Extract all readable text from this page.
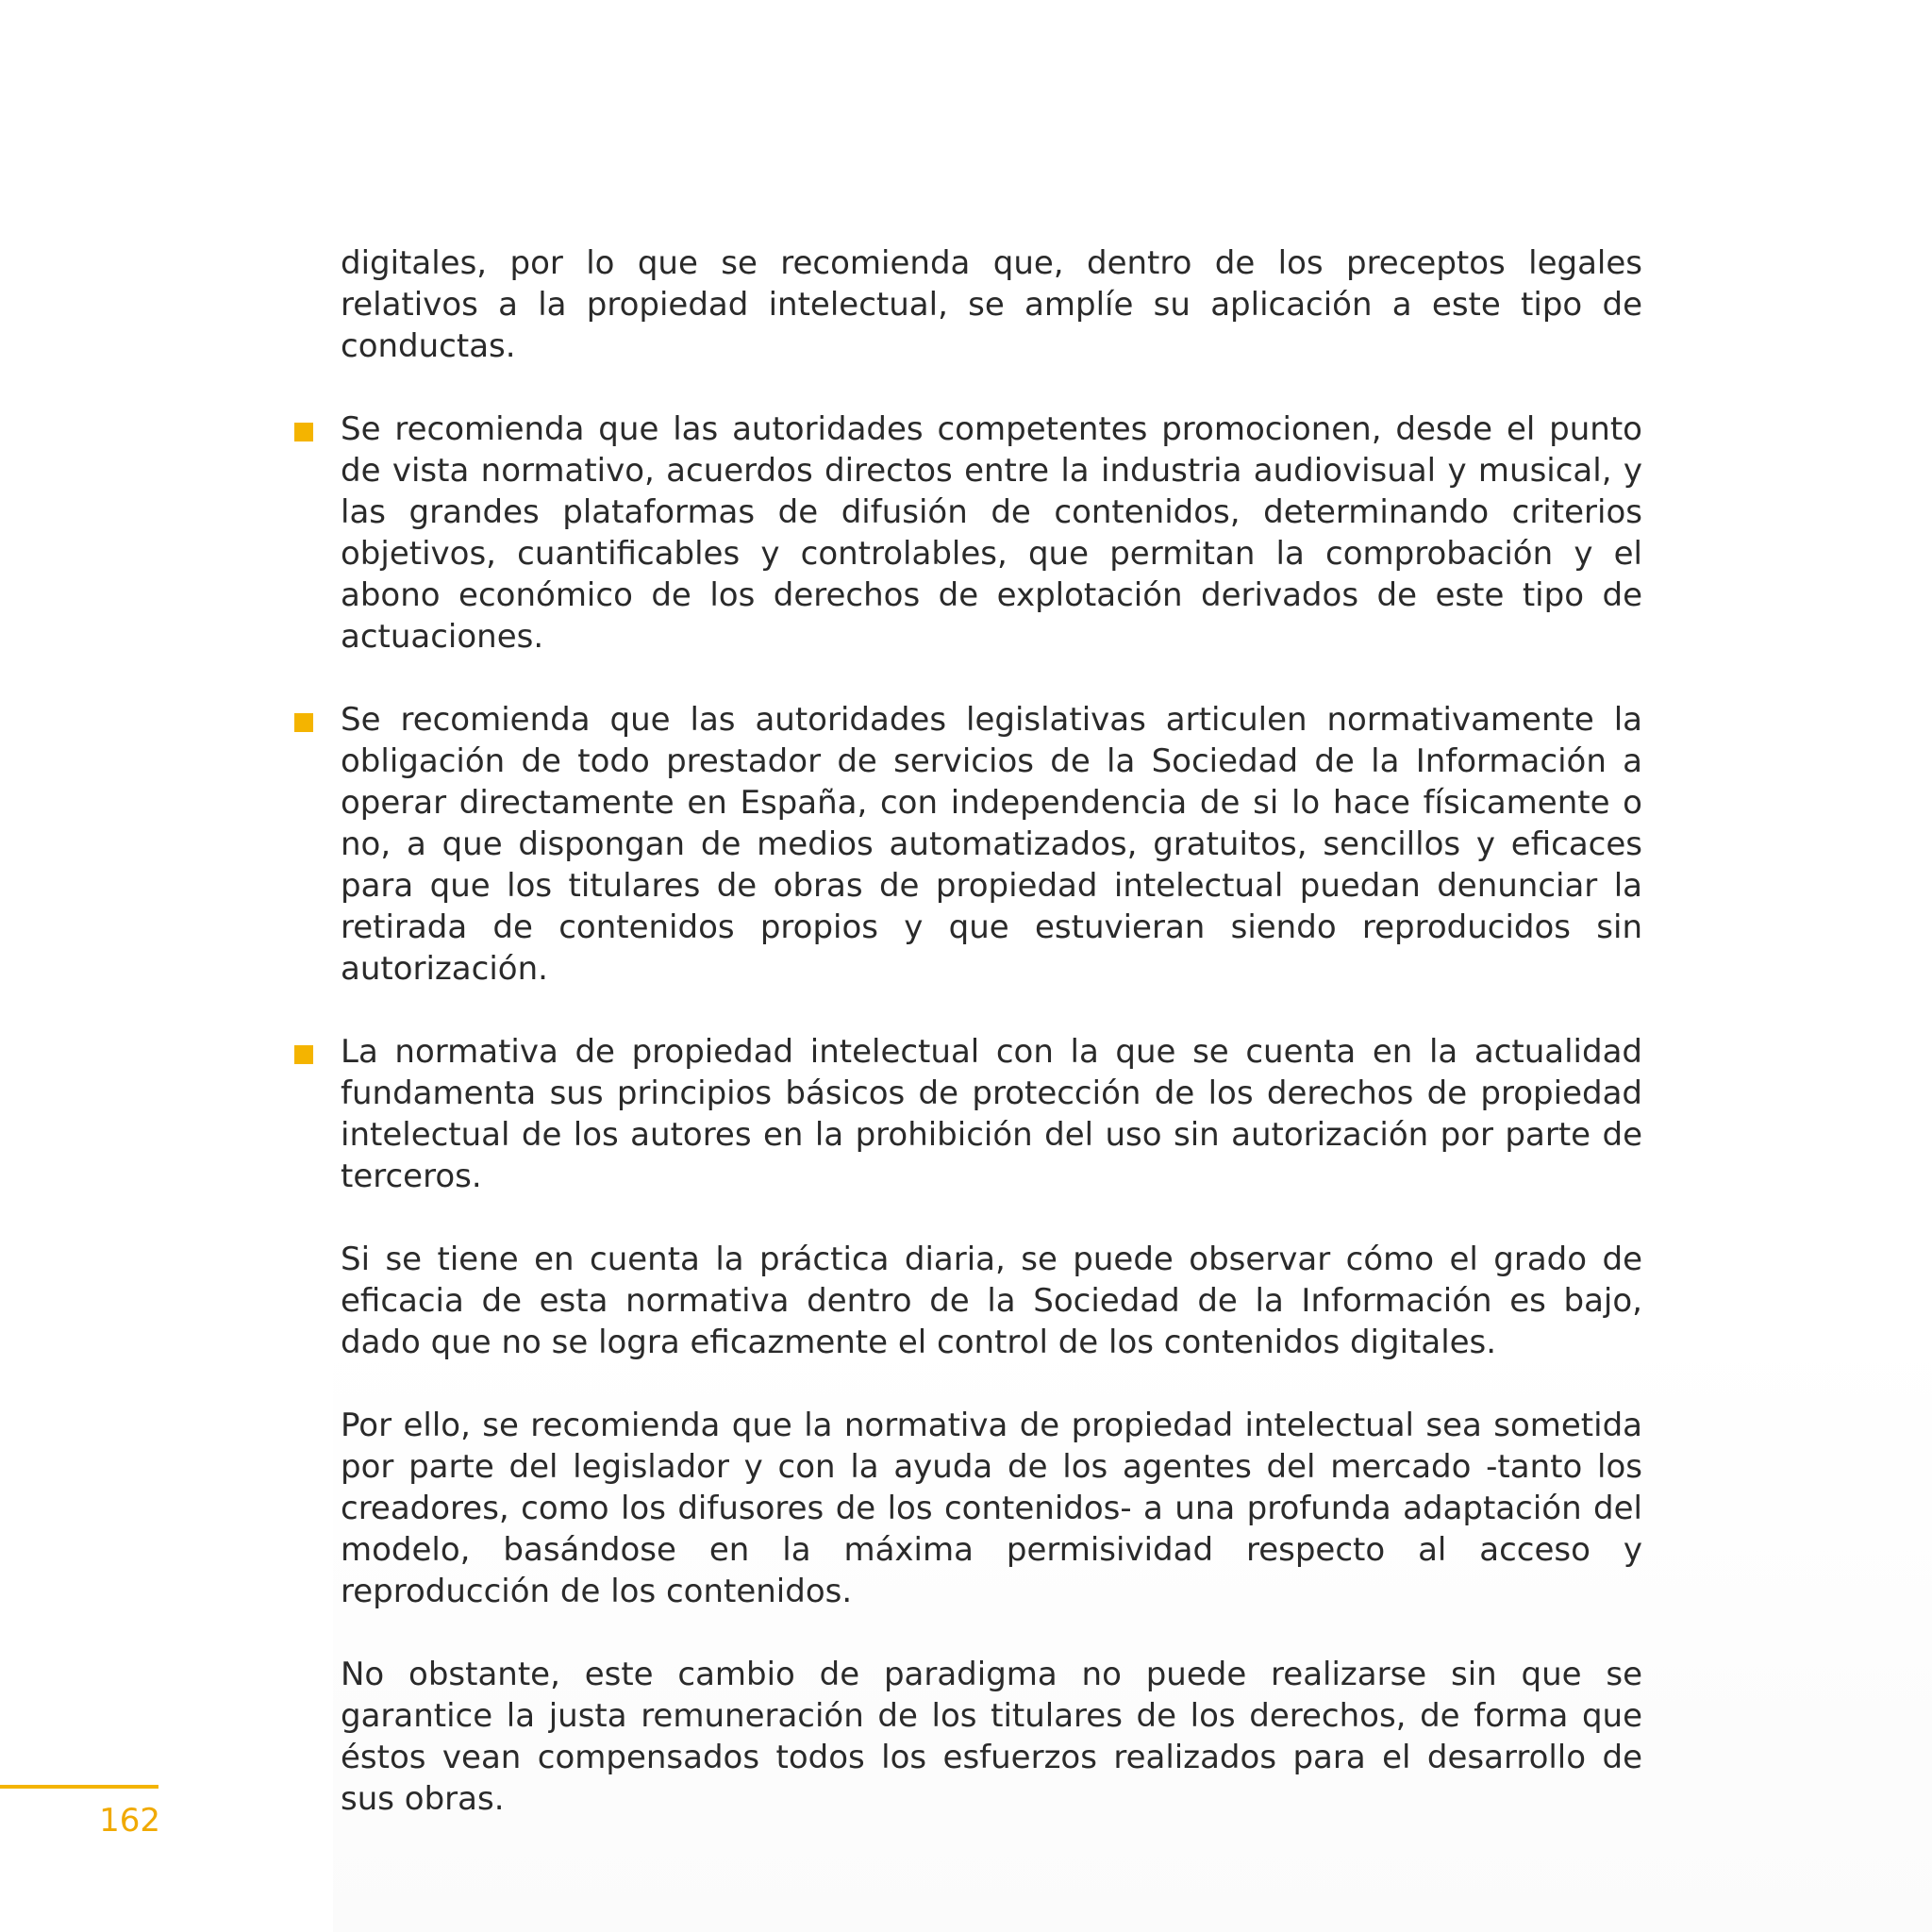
digitales, por lo que se recomienda que, dentro de los preceptos legales relativos a la propiedad intelectual, se amplíe su aplicación a este tipo de conductas.

Se recomienda que las autoridades competentes promocionen, desde el punto de vista normativo, acuerdos directos entre la industria audiovisual y musical, y las grandes plataformas de difusión de contenidos, determinando criterios objetivos, cuantificables y controlables, que permitan la comprobación y el abono económico de los derechos de explotación derivados de este tipo de actuaciones.

Se recomienda que las autoridades legislativas articulen normativamente la obligación de todo prestador de servicios de la Sociedad de la Información a operar directamente en España, con independencia de si lo hace físicamente o no, a que dispongan de medios automatizados, gratuitos, sencillos y eficaces para que los titulares de obras de propiedad intelectual puedan denunciar la retirada de contenidos propios y que estuvieran siendo reproducidos sin autorización.

La normativa de propiedad intelectual con la que se cuenta en la actualidad fundamenta sus principios básicos de protección de los derechos de propiedad intelectual de los autores en la prohibición del uso sin autorización por parte de terceros.

Si se tiene en cuenta la práctica diaria, se puede observar cómo el grado de eficacia de esta normativa dentro de la Sociedad de la Información es bajo, dado que no se logra eficazmente el control de los contenidos digitales.

Por ello, se recomienda que la normativa de propiedad intelectual sea sometida por parte del legislador y con la ayuda de los agentes del mercado -tanto los creadores, como los difusores de los contenidos- a una profunda adaptación del modelo, basándose en la máxima permisividad respecto al acceso y reproducción de los contenidos.

No obstante, este cambio de paradigma no puede realizarse sin que se garantice la justa remuneración de los titulares de los derechos, de forma que éstos vean compensados todos los esfuerzos realizados para el desarrollo de sus obras.

162
